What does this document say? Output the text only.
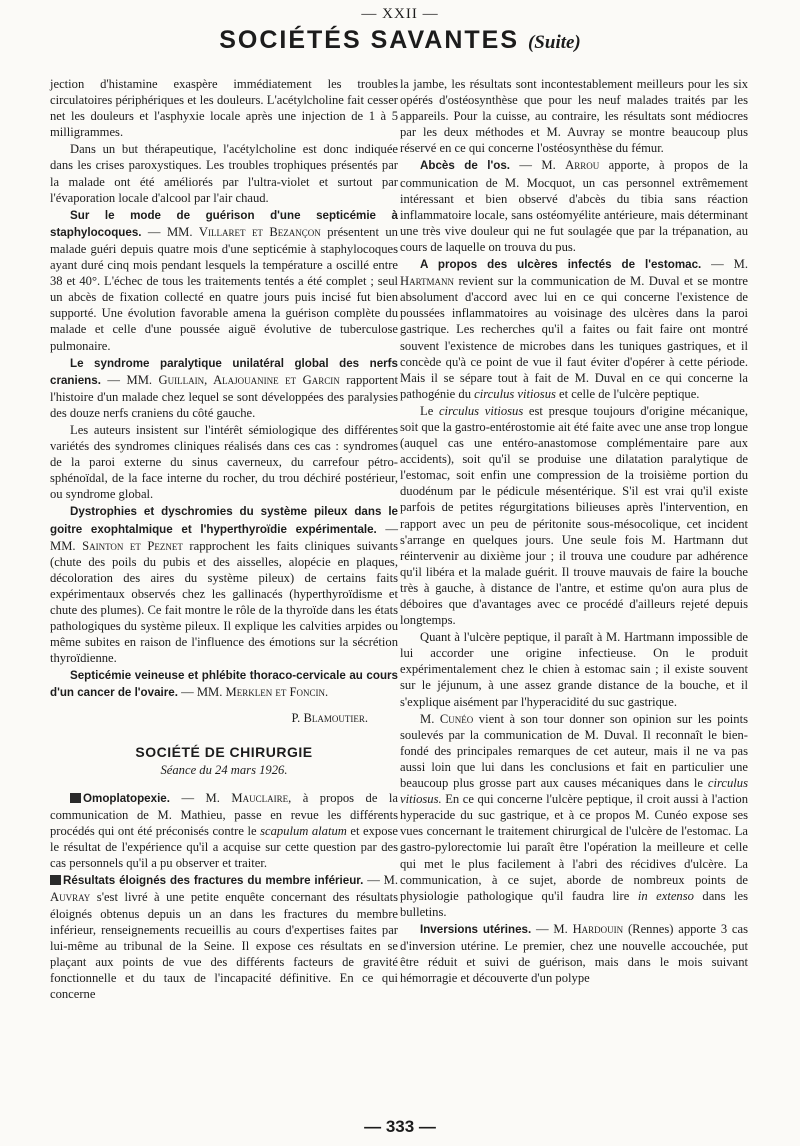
— XXII —
SOCIÉTÉS SAVANTES (Suite)

jection d'histamine exaspère immédiatement les troubles circulatoires périphériques et les douleurs. L'acétylcholine fait cesser net les douleurs et l'asphyxie locale après une injection de 1 à 5 milligrammes.

Dans un but thérapeutique, l'acétylcholine est donc indiquée dans les crises paroxystiques. Les troubles trophiques présentés par la malade ont été améliorés par l'ultra-violet et surtout par l'évaporation locale d'alcool par l'air chaud.

Sur le mode de guérison d'une septicémie à staphylocoques. — MM. Villaret et Bezançon présentent un malade guéri depuis quatre mois d'une septicémie à staphylocoques ayant duré cinq mois pendant lesquels la température a oscillé entre 38 et 40°. L'échec de tous les traitements tentés a été complet ; seul un abcès de fixation collecté en quatre jours puis incisé fut bien supporté. Une évolution favorable amena la guérison complète du malade et celle d'une poussée aiguë évolutive de tuberculose pulmonaire.

Le syndrome paralytique unilatéral global des nerfs craniens. — MM. Guillain, Alajouanine et Garcin rapportent l'histoire d'un malade chez lequel se sont développées des paralysies des douze nerfs craniens du côté gauche.

Les auteurs insistent sur l'intérêt sémiologique des différentes variétés des syndromes cliniques réalisés dans ces cas : syndromes de la paroi externe du sinus caverneux, du carrefour pétro-sphénoïdal, de la face interne du rocher, du trou déchiré postérieur, ou syndrome global.

Dystrophies et dyschromies du système pileux dans le goitre exophtalmique et l'hyperthyroïdie expérimentale. — MM. Sainton et Peznet rapprochent les faits cliniques suivants (chute des poils du pubis et des aisselles, alopécie en plaques, décoloration des aires du système pileux) de certains faits expérimentaux observés chez les gallinacés (hyperthyroïdisme et chute des plumes). Ce fait montre le rôle de la thyroïde dans les états pathologiques du système pileux. Il explique les calvities arpides ou même subites en raison de l'influence des émotions sur la sécrétion thyroïdienne.

Septicémie veineuse et phlébite thoraco-cervicale au cours d'un cancer de l'ovaire. — MM. Merklen et Foncin.

P. Blamoutier.

SOCIÉTÉ DE CHIRURGIE

Séance du 24 mars 1926.

Omoplatopexie. — M. Mauclaire, à propos de la communication de M. Mathieu, passe en revue les différents procédés qui ont été préconisés contre le scapulum alatum et expose le résultat de l'expérience qu'il a acquise sur cette question par des cas personnels qu'il a pu observer et traiter.

Résultats éloignés des fractures du membre inférieur. — M. Auvray s'est livré à une petite enquête concernant des résultats éloignés obtenus depuis un an dans les fractures du membre inférieur, renseignements recueillis au cours d'expertises faites par lui-même au tribunal de la Seine. Il expose ces résultats en se plaçant aux points de vue des différents facteurs de gravité fonctionnelle et du taux de l'incapacité définitive. En ce qui concerne

la jambe, les résultats sont incontestablement meilleurs pour les six opérés d'ostéosynthèse que pour les neuf malades traités par les appareils. Pour la cuisse, au contraire, les résultats sont médiocres par les deux méthodes et M. Auvray se montre beaucoup plus réservé en ce qui concerne l'ostéosynthèse du fémur.

Abcès de l'os. — M. Arrou apporte, à propos de la communication de M. Mocquot, un cas personnel extrêmement intéressant et bien observé d'abcès du tibia sans réaction inflammatoire locale, sans ostéomyélite antérieure, mais déterminant une très vive douleur qui ne fut soulagée que par la trépanation, au cours de laquelle on trouva du pus.

A propos des ulcères infectés de l'estomac. — M. Hartmann revient sur la communication de M. Duval et se montre absolument d'accord avec lui en ce qui concerne l'existence de poussées inflammatoires au voisinage des ulcères dans la paroi gastrique. Les recherches qu'il a faites ou fait faire ont montré souvent l'existence de microbes dans les tuniques gastriques, et il concède qu'à ce point de vue il faut éviter d'opérer à cette période. Mais il se sépare tout à fait de M. Duval en ce qui concerne la pathogénie du circulus vitiosus et celle de l'ulcère peptique.

Le circulus vitiosus est presque toujours d'origine mécanique, soit que la gastro-entérostomie ait été faite avec une anse trop longue (auquel cas une entéro-anastomose complémentaire pare aux accidents), soit qu'il se produise une dilatation paralytique de l'estomac, soit enfin une compression de la troisième portion du duodénum par le pédicule mésentérique. S'il est vrai qu'il existe parfois de petites régurgitations bilieuses après l'intervention, en rapport avec un peu de péritonite sous-mésocolique, cet incident s'arrange en quelques jours. Une seule fois M. Hartmann dut réintervenir au dixième jour ; il trouva une coudure par adhérence qu'il libéra et la malade guérit. Il trouve mauvais de faire la bouche très à gauche, à distance de l'antre, et estime qu'on aura plus de déboires que d'avantages avec ce procédé d'ailleurs rejeté depuis longtemps.

Quant à l'ulcère peptique, il paraît à M. Hartmann impossible de lui accorder une origine infectieuse. On le produit expérimentalement chez le chien à estomac sain ; il existe souvent sur le jéjunum, à une assez grande distance de la bouche, et il s'explique aisément par l'hyperacidité du suc gastrique.

M. Cunéo vient à son tour donner son opinion sur les points soulevés par la communication de M. Duval. Il reconnaît le bien-fondé des principales remarques de cet auteur, mais il ne va pas aussi loin que lui dans les conclusions et fait en particulier une beaucoup plus grosse part aux causes mécaniques dans le circulus vitiosus. En ce qui concerne l'ulcère peptique, il croit aussi à l'action hyperacide du suc gastrique, et à ce propos M. Cunéo expose ses vues concernant le traitement chirurgical de l'ulcère de l'estomac. La gastro-pylorectomie lui paraît être l'opération la meilleure et celle qui met le plus facilement à l'abri des récidives d'ulcère. La communication, à ce sujet, aborde de nombreux points de physiologie pathologique qu'il faudra lire in extenso dans les bulletins.

Inversions utérines. — M. Hardouin (Rennes) apporte 3 cas d'inversion utérine. Le premier, chez une nouvelle accouchée, put être réduit et suivi de guérison, mais dans le mois suivant hémorragie et découverte d'un polype

— 333 —
